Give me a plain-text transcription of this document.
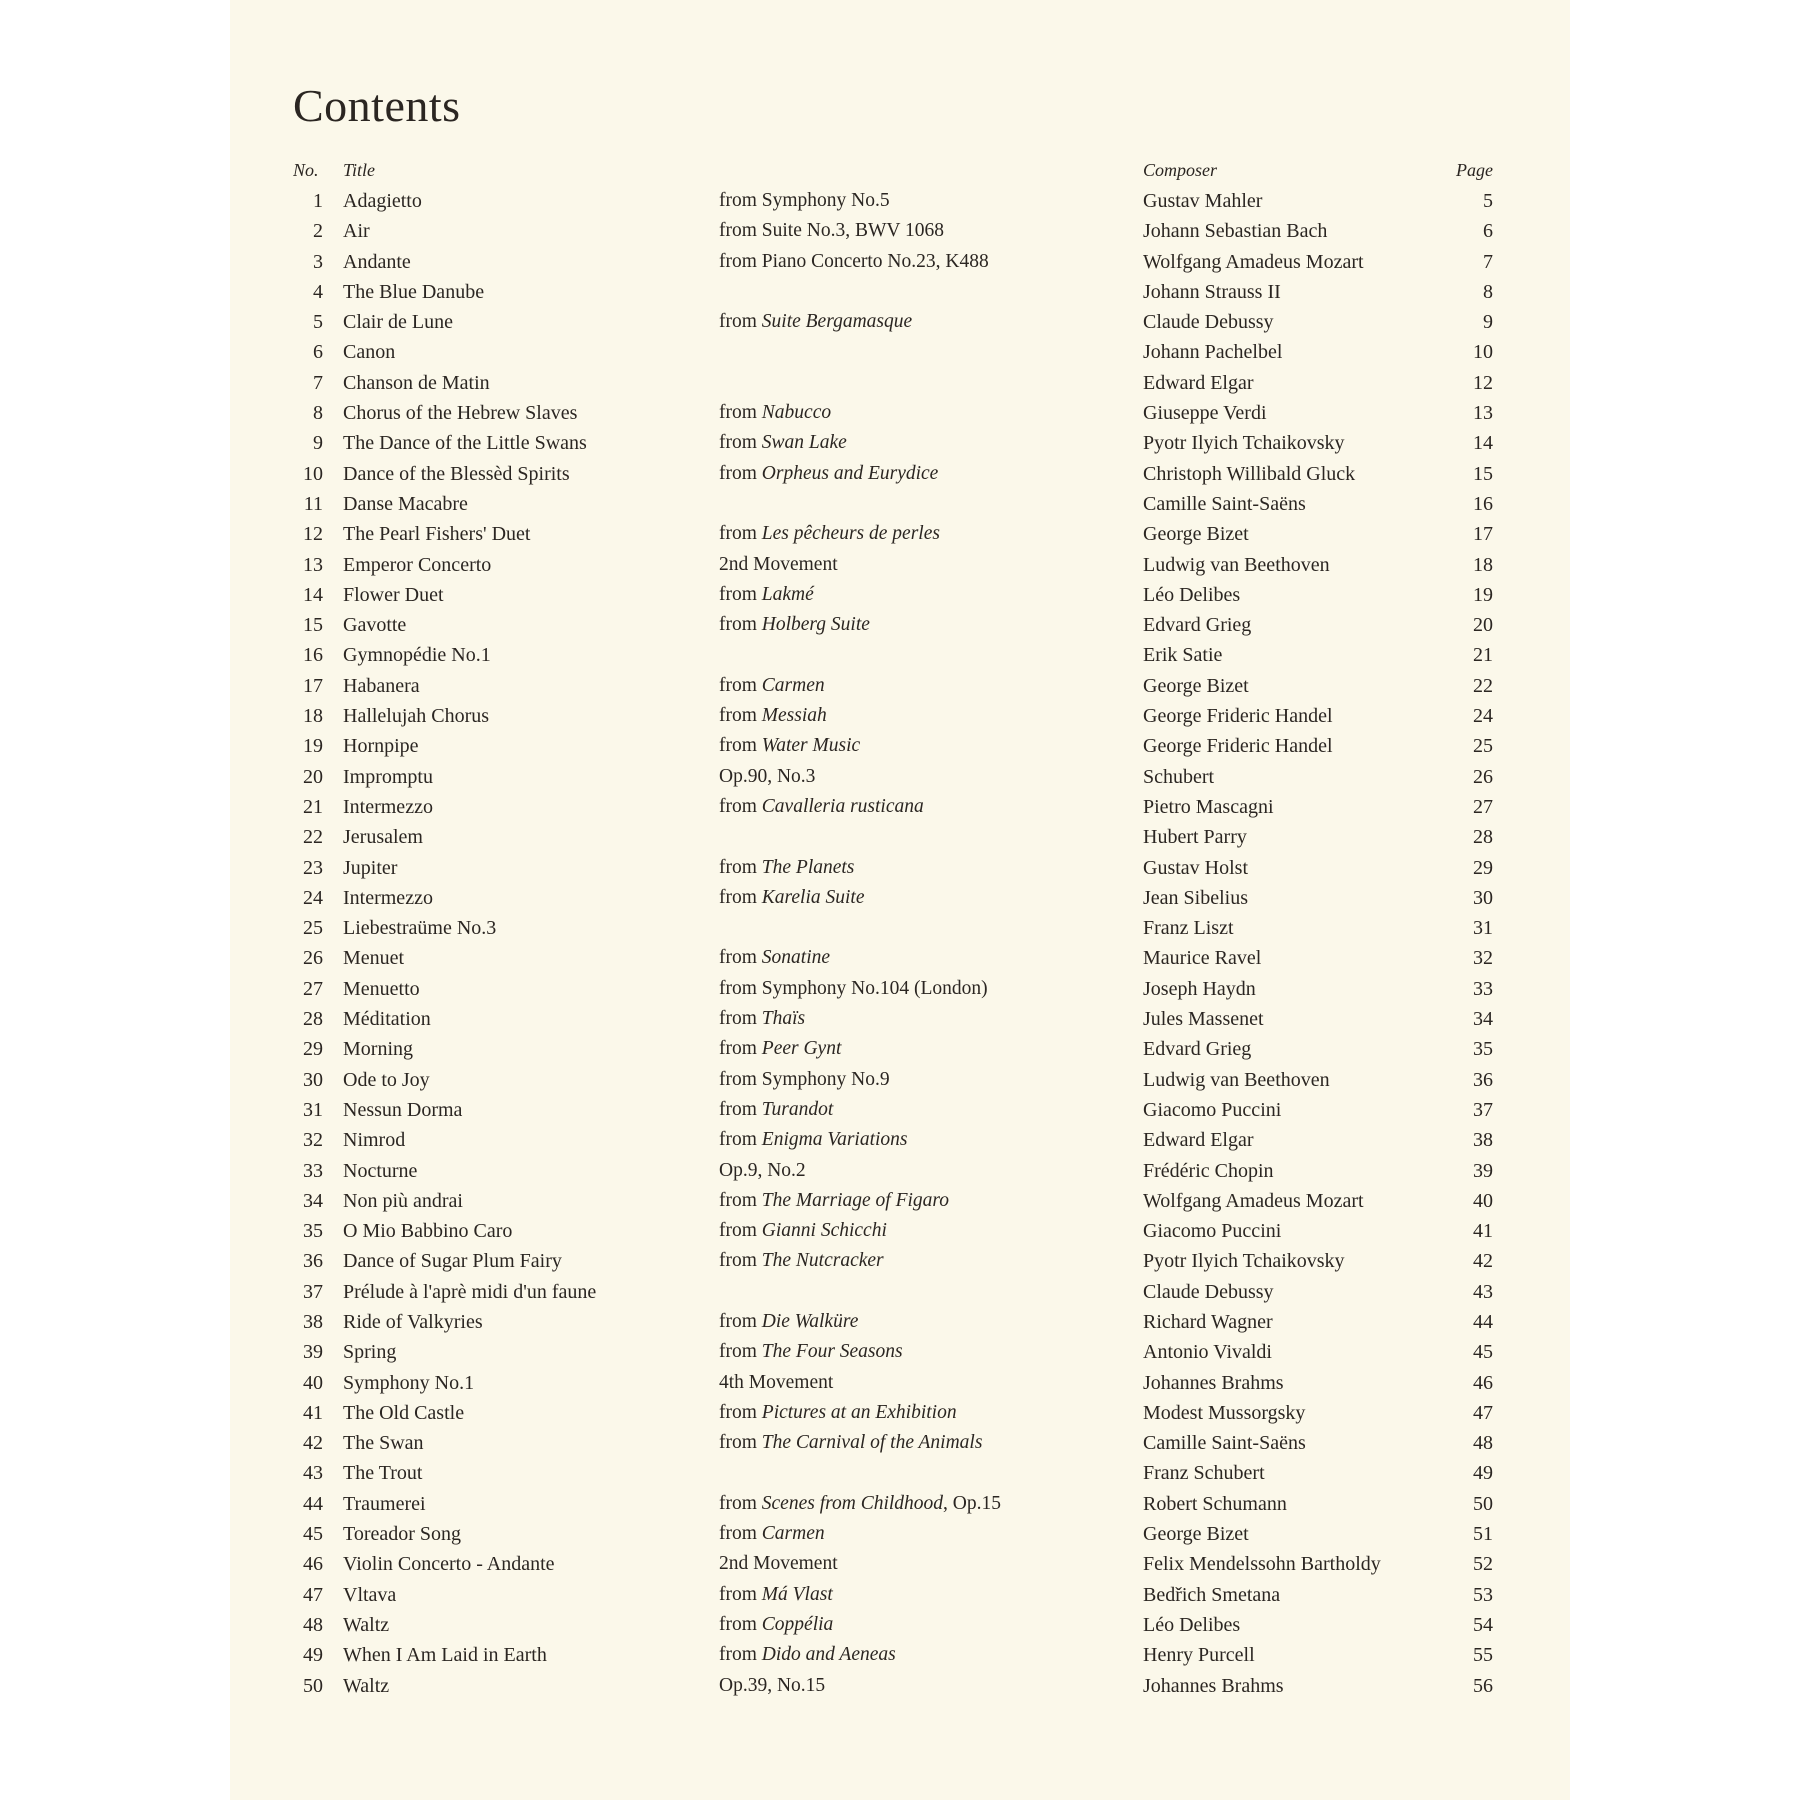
Contents
No.		Title		Composer	Page
1		Adagietto	from Symphony No.5	Gustav Mahler	5
2		Air	from Suite No.3, BWV 1068	Johann Sebastian Bach	6
3		Andante	from Piano Concerto No.23, K488	Wolfgang Amadeus Mozart	7
4		The Blue Danube		Johann Strauss II	8
5		Clair de Lune	from Suite Bergamasque	Claude Debussy	9
6		Canon		Johann Pachelbel	10
7		Chanson de Matin		Edward Elgar	12
8		Chorus of the Hebrew Slaves	from Nabucco	Giuseppe Verdi	13
9		The Dance of the Little Swans	from Swan Lake	Pyotr Ilyich Tchaikovsky	14
10		Dance of the Blessèd Spirits	from Orpheus and Eurydice	Christoph Willibald Gluck	15
11		Danse Macabre		Camille Saint-Saëns	16
12		The Pearl Fishers' Duet	from Les pêcheurs de perles	George Bizet	17
13		Emperor Concerto	2nd Movement	Ludwig van Beethoven	18
14		Flower Duet	from Lakmé	Léo Delibes	19
15		Gavotte	from Holberg Suite	Edvard Grieg	20
16		Gymnopédie No.1		Erik Satie	21
17		Habanera	from Carmen	George Bizet	22
18		Hallelujah Chorus	from Messiah	George Frideric Handel	24
19		Hornpipe	from Water Music	George Frideric Handel	25
20		Impromptu	Op.90, No.3	Schubert	26
21		Intermezzo	from Cavalleria rusticana	Pietro Mascagni	27
22		Jerusalem		Hubert Parry	28
23		Jupiter	from The Planets	Gustav Holst	29
24		Intermezzo	from Karelia Suite	Jean Sibelius	30
25		Liebestraüme No.3		Franz Liszt	31
26		Menuet	from Sonatine	Maurice Ravel	32
27		Menuetto	from Symphony No.104 (London)	Joseph Haydn	33
28		Méditation	from Thaïs	Jules Massenet	34
29		Morning	from Peer Gynt	Edvard Grieg	35
30		Ode to Joy	from Symphony No.9	Ludwig van Beethoven	36
31		Nessun Dorma	from Turandot	Giacomo Puccini	37
32		Nimrod	from Enigma Variations	Edward Elgar	38
33		Nocturne	Op.9, No.2	Frédéric Chopin	39
34		Non più andrai	from The Marriage of Figaro	Wolfgang Amadeus Mozart	40
35		O Mio Babbino Caro	from Gianni Schicchi	Giacomo Puccini	41
36		Dance of Sugar Plum Fairy	from The Nutcracker	Pyotr Ilyich Tchaikovsky	42
37		Prélude à l'aprè midi d'un faune		Claude Debussy	43
38		Ride of Valkyries	from Die Walküre	Richard Wagner	44
39		Spring	from The Four Seasons	Antonio Vivaldi	45
40		Symphony No.1	4th Movement	Johannes Brahms	46
41		The Old Castle	from Pictures at an Exhibition	Modest Mussorgsky	47
42		The Swan	from The Carnival of the Animals	Camille Saint-Saëns	48
43		The Trout		Franz Schubert	49
44		Traumerei	from Scenes from Childhood, Op.15	Robert Schumann	50
45		Toreador Song	from Carmen	George Bizet	51
46		Violin Concerto - Andante	2nd Movement	Felix Mendelssohn Bartholdy	52
47		Vltava	from Má Vlast	Bedřich Smetana	53
48		Waltz	from Coppélia	Léo Delibes	54
49		When I Am Laid in Earth	from Dido and Aeneas	Henry Purcell	55
50		Waltz	Op.39, No.15	Johannes Brahms	56
